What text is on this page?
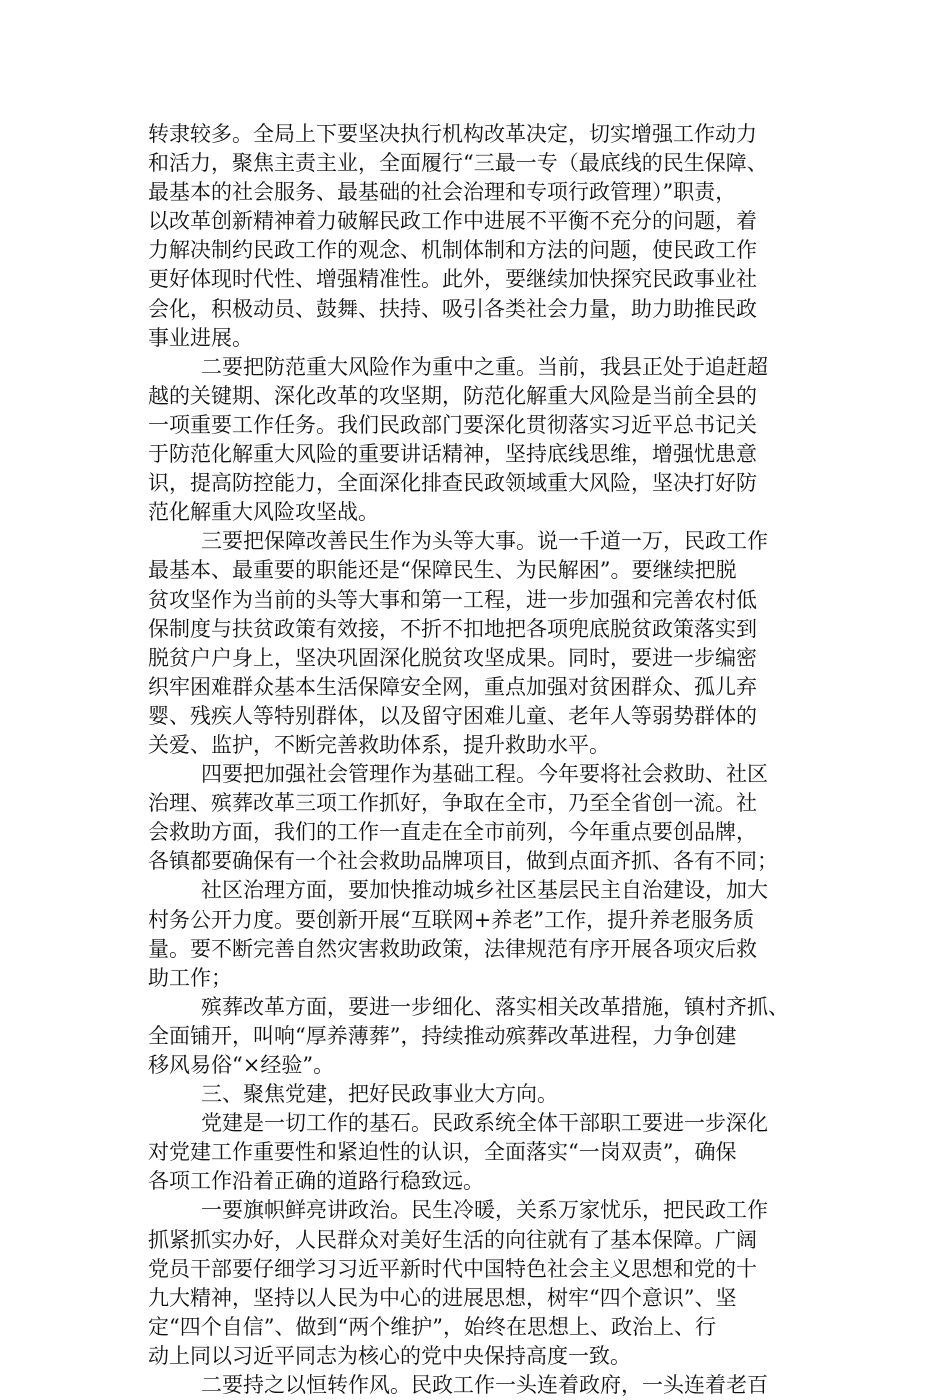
转隶较多。全局上下要坚决执行机构改革决定，切实增强工作动力
和活力，聚焦主责主业，全面履行“三最一专（最底线的民生保障、
最基本的社会服务、最基础的社会治理和专项行政管理）”职责，
以改革创新精神着力破解民政工作中进展不平衡不充分的问题，着
力解决制约民政工作的观念、机制体制和方法的问题，使民政工作
更好体现时代性、增强精准性。此外，要继续加快探究民政事业社
会化，积极动员、鼓舞、扶持、吸引各类社会力量，助力助推民政
事业进展。
二要把防范重大风险作为重中之重。当前，我县正处于追赶超
越的关键期、深化改革的攻坚期，防范化解重大风险是当前全县的
一项重要工作任务。我们民政部门要深化贯彻落实习近平总书记关
于防范化解重大风险的重要讲话精神，坚持底线思维，增强忧患意
识，提高防控能力，全面深化排查民政领域重大风险，坚决打好防
范化解重大风险攻坚战。
三要把保障改善民生作为头等大事。说一千道一万，民政工作
最基本、最重要的职能还是“保障民生、为民解困”。要继续把脱
贫攻坚作为当前的头等大事和第一工程，进一步加强和完善农村低
保制度与扶贫政策有效接，不折不扣地把各项兜底脱贫政策落实到
脱贫户户身上，坚决巩固深化脱贫攻坚成果。同时，要进一步编密
织牢困难群众基本生活保障安全网，重点加强对贫困群众、孤儿弃
婴、残疾人等特别群体，以及留守困难儿童、老年人等弱势群体的
关爱、监护，不断完善救助体系，提升救助水平。
四要把加强社会管理作为基础工程。今年要将社会救助、社区
治理、殡葬改革三项工作抓好，争取在全市，乃至全省创一流。社
会救助方面，我们的工作一直走在全市前列，今年重点要创品牌，
各镇都要确保有一个社会救助品牌项目，做到点面齐抓、各有不同；
社区治理方面，要加快推动城乡社区基层民主自治建设，加大
村务公开力度。要创新开展“互联网+养老”工作，提升养老服务质
量。要不断完善自然灾害救助政策，法律规范有序开展各项灾后救
助工作；
殡葬改革方面，要进一步细化、落实相关改革措施，镇村齐抓、
全面铺开，叫响“厚养薄葬”，持续推动殡葬改革进程，力争创建
移风易俗“×经验”。
三、聚焦党建，把好民政事业大方向。
党建是一切工作的基石。民政系统全体干部职工要进一步深化
对党建工作重要性和紧迫性的认识，全面落实“一岗双责”，确保
各项工作沿着正确的道路行稳致远。
一要旗帜鲜亮讲政治。民生冷暖，关系万家忧乐，把民政工作
抓紧抓实办好，人民群众对美好生活的向往就有了基本保障。广阔
党员干部要仔细学习习近平新时代中国特色社会主义思想和党的十
九大精神，坚持以人民为中心的进展思想，树牢“四个意识”、坚
定“四个自信”、做到“两个维护”，始终在思想上、政治上、行
动上同以习近平同志为核心的党中央保持高度一致。
二要持之以恒转作风。民政工作一头连着政府，一头连着老百
